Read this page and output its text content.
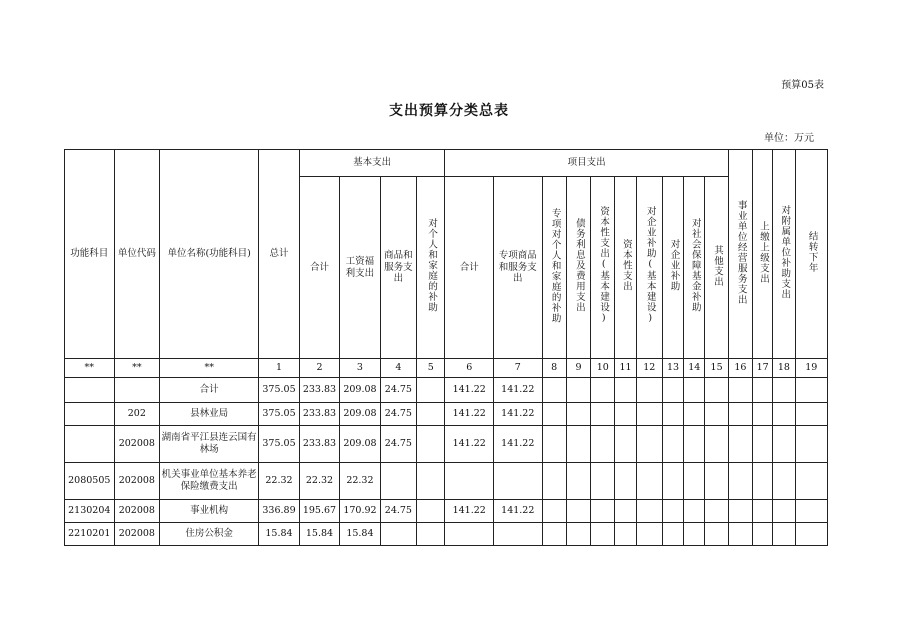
预算05表
支出预算分类总表
单位：万元
功能科目	单位代码	单位名称(功能科目)	总计	基本支出				项目支出										事业单位经营服务支出	上缴上级支出	对附属单位补助支出	结转下年
				合计	工资福利支出	商品和服务支出	对个人和家庭的补助	合计	专项商品和服务支出	专项对个人和家庭的补助	债务利息及费用支出	资本性支出(基本建设)	资本性支出	对企业补助(基本建设)	对企业补助	对社会保障基金补助	其他支出				
**	**	**	1	2	3	4	5	6	7	8	9	10	11	12	13	14	15	16	17	18	19
		合计	375.05	233.83	209.08	24.75		141.22	141.22												
	202	县林业局	375.05	233.83	209.08	24.75		141.22	141.22												
	202008	湖南省平江县连云国有林场	375.05	233.83	209.08	24.75		141.22	141.22												
2080505	202008	机关事业单位基本养老保险缴费支出	22.32	22.32	22.32																
2130204	202008	事业机构	336.89	195.67	170.92	24.75		141.22	141.22												
2210201	202008	住房公积金	15.84	15.84	15.84																
